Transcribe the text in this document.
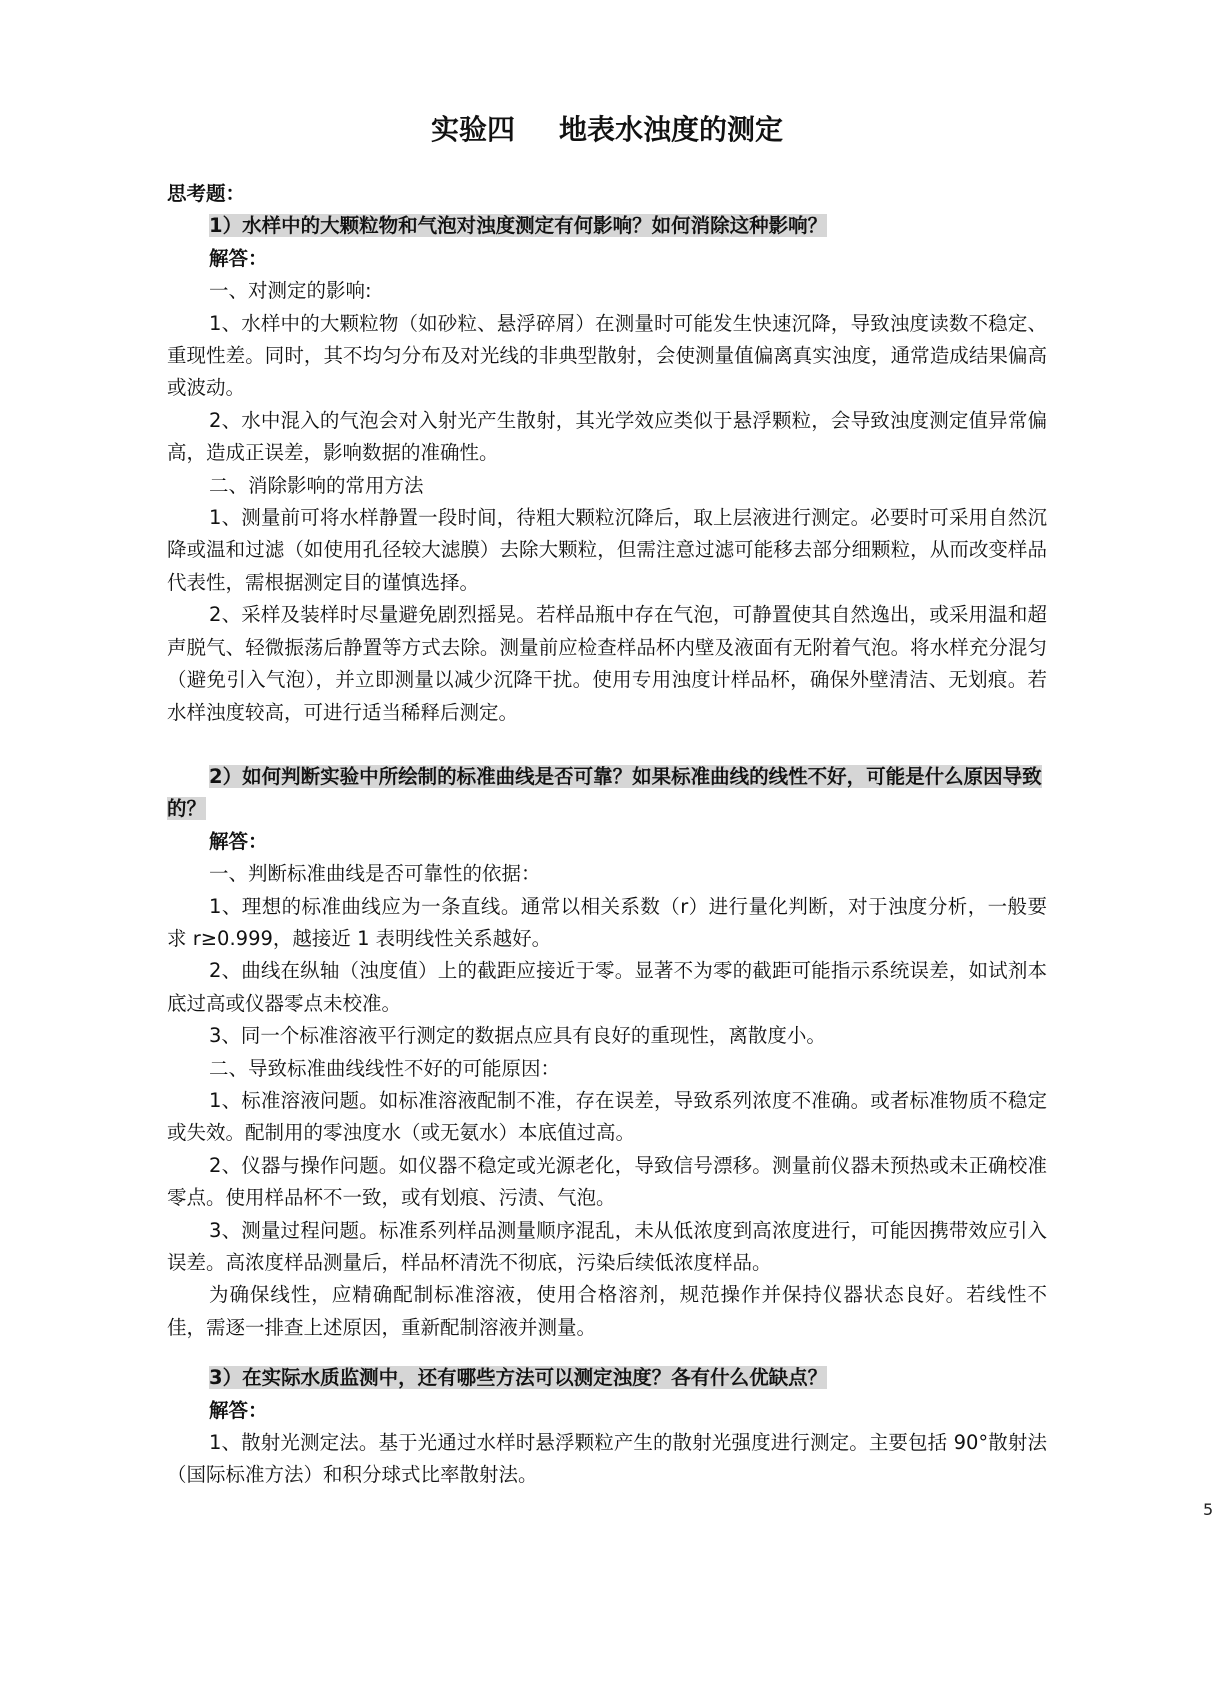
实验四 地表水浊度的测定

思考题：

1）水样中的大颗粒物和气泡对浊度测定有何影响？如何消除这种影响？

解答：

一、对测定的影响:

1、水样中的大颗粒物（如砂粒、悬浮碎屑）在测量时可能发生快速沉降，导致浊度读数不稳定、重现性差。同时，其不均匀分布及对光线的非典型散射，会使测量值偏离真实浊度，通常造成结果偏高或波动。

2、水中混入的气泡会对入射光产生散射，其光学效应类似于悬浮颗粒，会导致浊度测定值异常偏高，造成正误差，影响数据的准确性。

二、消除影响的常用方法

1、测量前可将水样静置一段时间，待粗大颗粒沉降后，取上层液进行测定。必要时可采用自然沉降或温和过滤（如使用孔径较大滤膜）去除大颗粒，但需注意过滤可能移去部分细颗粒，从而改变样品代表性，需根据测定目的谨慎选择。

2、采样及装样时尽量避免剧烈摇晃。若样品瓶中存在气泡，可静置使其自然逸出，或采用温和超声脱气、轻微振荡后静置等方式去除。测量前应检查样品杯内壁及液面有无附着气泡。将水样充分混匀（避免引入气泡），并立即测量以减少沉降干扰。使用专用浊度计样品杯，确保外壁清洁、无划痕。若水样浊度较高，可进行适当稀释后测定。

2）如何判断实验中所绘制的标准曲线是否可靠？如果标准曲线的线性不好，可能是什么原因导致的？

解答：

一、判断标准曲线是否可靠性的依据：

1、理想的标准曲线应为一条直线。通常以相关系数（r）进行量化判断，对于浊度分析，一般要求 r≥0.999，越接近 1 表明线性关系越好。

2、曲线在纵轴（浊度值）上的截距应接近于零。显著不为零的截距可能指示系统误差，如试剂本底过高或仪器零点未校准。

3、同一个标准溶液平行测定的数据点应具有良好的重现性，离散度小。

二、导致标准曲线线性不好的可能原因：

1、标准溶液问题。如标准溶液配制不准，存在误差，导致系列浓度不准确。或者标准物质不稳定或失效。配制用的零浊度水（或无氨水）本底值过高。

2、仪器与操作问题。如仪器不稳定或光源老化，导致信号漂移。测量前仪器未预热或未正确校准零点。使用样品杯不一致，或有划痕、污渍、气泡。

3、测量过程问题。标准系列样品测量顺序混乱，未从低浓度到高浓度进行，可能因携带效应引入误差。高浓度样品测量后，样品杯清洗不彻底，污染后续低浓度样品。

为确保线性，应精确配制标准溶液，使用合格溶剂，规范操作并保持仪器状态良好。若线性不佳，需逐一排查上述原因，重新配制溶液并测量。

3）在实际水质监测中，还有哪些方法可以测定浊度？各有什么优缺点？

解答：

1、散射光测定法。基于光通过水样时悬浮颗粒产生的散射光强度进行测定。主要包括 90°散射法（国际标准方法）和积分球式比率散射法。

5
